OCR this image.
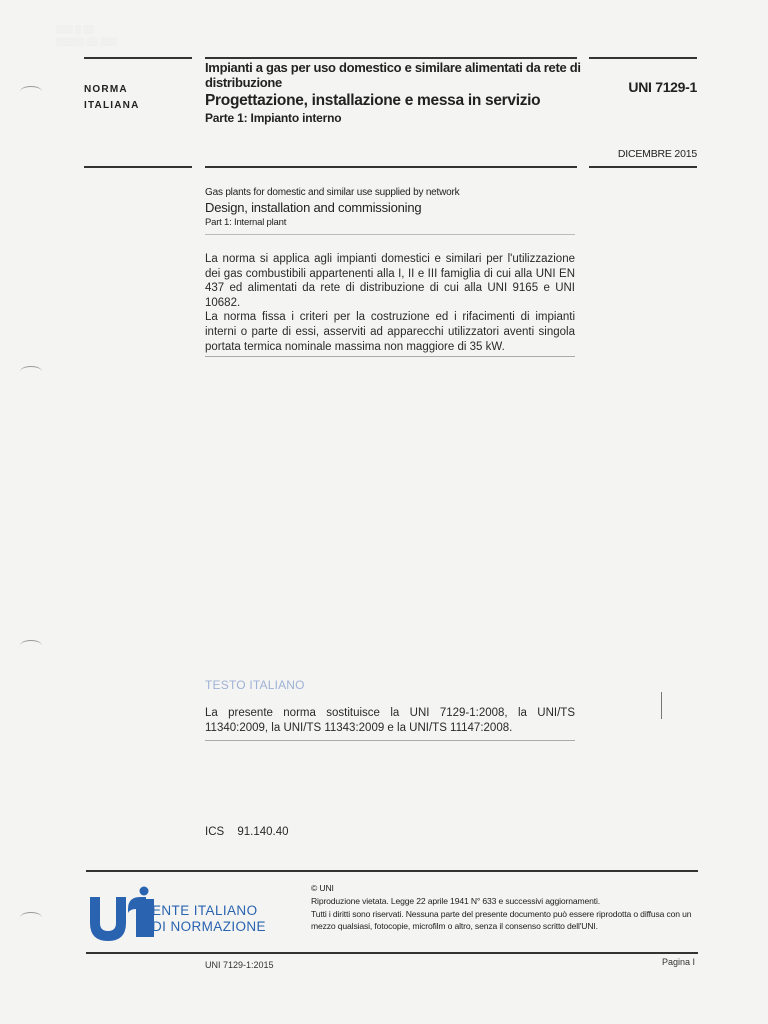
▒▒▒ ▒ ▒▒
▒▒▒▒▒ ▒▒ ▒▒▒
NORMA
ITALIANA
Impianti a gas per uso domestico e similare alimentati da rete di distribuzione
Progettazione, installazione e messa in servizio
Parte 1: Impianto interno
UNI 7129-1
DICEMBRE 2015
Gas plants for domestic and similar use supplied by network
Design, installation and commissioning
Part 1: Internal plant

La norma si applica agli impianti domestici e similari per l'utilizzazione dei gas combustibili appartenenti alla I, II e III famiglia di cui alla UNI EN 437 ed alimentati da rete di distribuzione di cui alla UNI 9165 e UNI 10682.

La norma fissa i criteri per la costruzione ed i rifacimenti di impianti interni o parte di essi, asserviti ad apparecchi utilizzatori aventi singola portata termica nominale massima non maggiore di 35 kW.

TESTO ITALIANO
La presente norma sostituisce la UNI 7129-1:2008, la UNI/TS 11340:2009, la UNI/TS 11343:2009 e la UNI/TS 11147:2008.
ICS 91.140.40
ENTE ITALIANO
DI NORMAZIONE
© UNI
Riproduzione vietata. Legge 22 aprile 1941 N° 633 e successivi aggiornamenti.
Tutti i diritti sono riservati. Nessuna parte del presente documento può essere riprodotta o diffusa con un mezzo qualsiasi, fotocopie, microfilm o altro, senza il consenso scritto dell'UNI.
UNI 7129-1:2015	Pagina I
